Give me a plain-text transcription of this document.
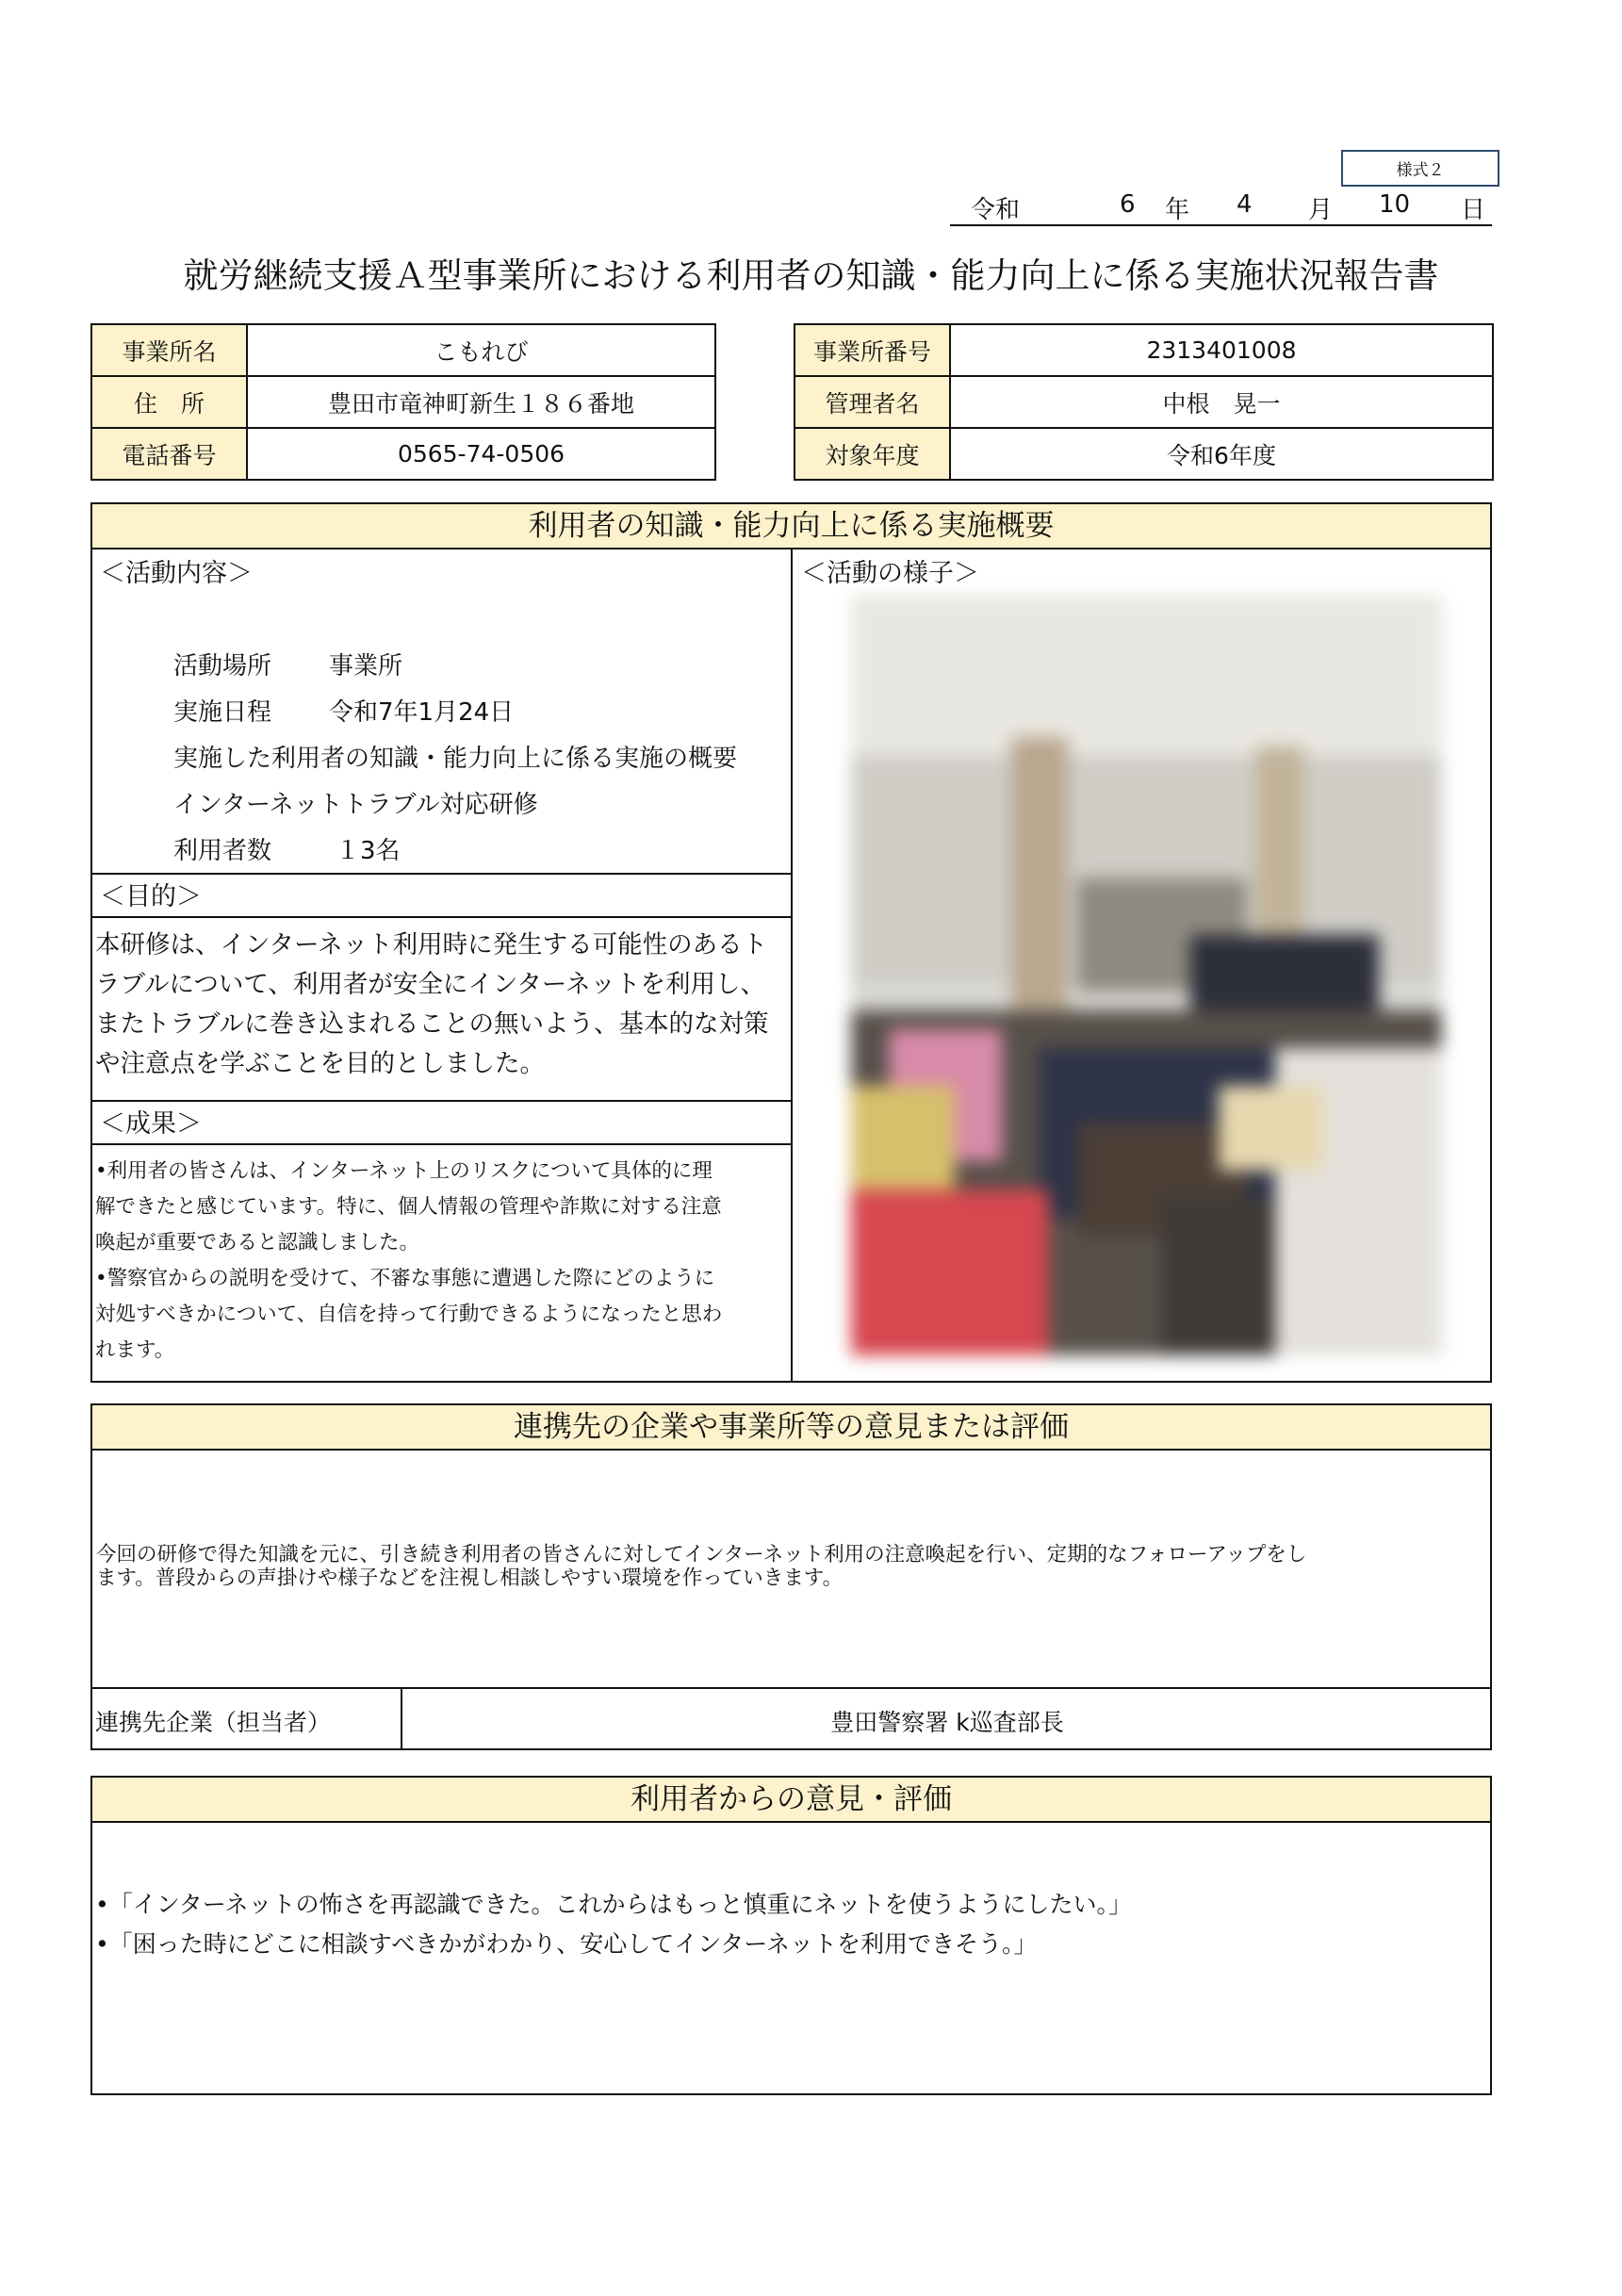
様式２
令和	6 年 4 月 10 日
就労継続支援Ａ型事業所における利用者の知識・能力向上に係る実施状況報告書
事業所名	こもれび
住　所	豊田市竜神町新生１８６番地
電話番号	0565-74-0506
事業所番号	2313401008
管理者名	中根　晃一
対象年度	令和6年度
利用者の知識・能力向上に係る実施概要
＜活動内容＞	＜活動の様子＞
活動場所 事業所
実施日程 令和7年1月24日
実施した利用者の知識・能力向上に係る実施の概要
インターネットトラブル対応研修
利用者数	１3名
＜目的＞
本研修は、インターネット利用時に発生する可能性のあるト
ラブルについて、利用者が安全にインターネットを利用し、
またトラブルに巻き込まれることの無いよう、基本的な対策
や注意点を学ぶことを目的としました。
＜成果＞
•利用者の皆さんは、インターネット上のリスクについて具体的に理
解できたと感じています。特に、個人情報の管理や詐欺に対する注意
喚起が重要であると認識しました。
•警察官からの説明を受けて、不審な事態に遭遇した際にどのように
対処すべきかについて、自信を持って行動できるようになったと思わ
れます。
連携先の企業や事業所等の意見または評価
今回の研修で得た知識を元に、引き続き利用者の皆さんに対してインターネット利用の注意喚起を行い、定期的なフォローアップをし
ます。普段からの声掛けや様子などを注視し相談しやすい環境を作っていきます。
連携先企業（担当者）	豊田警察署 k巡査部長
利用者からの意見・評価
•「インターネットの怖さを再認識できた。これからはもっと慎重にネットを使うようにしたい。」
•「困った時にどこに相談すべきかがわかり、安心してインターネットを利用できそう。」
